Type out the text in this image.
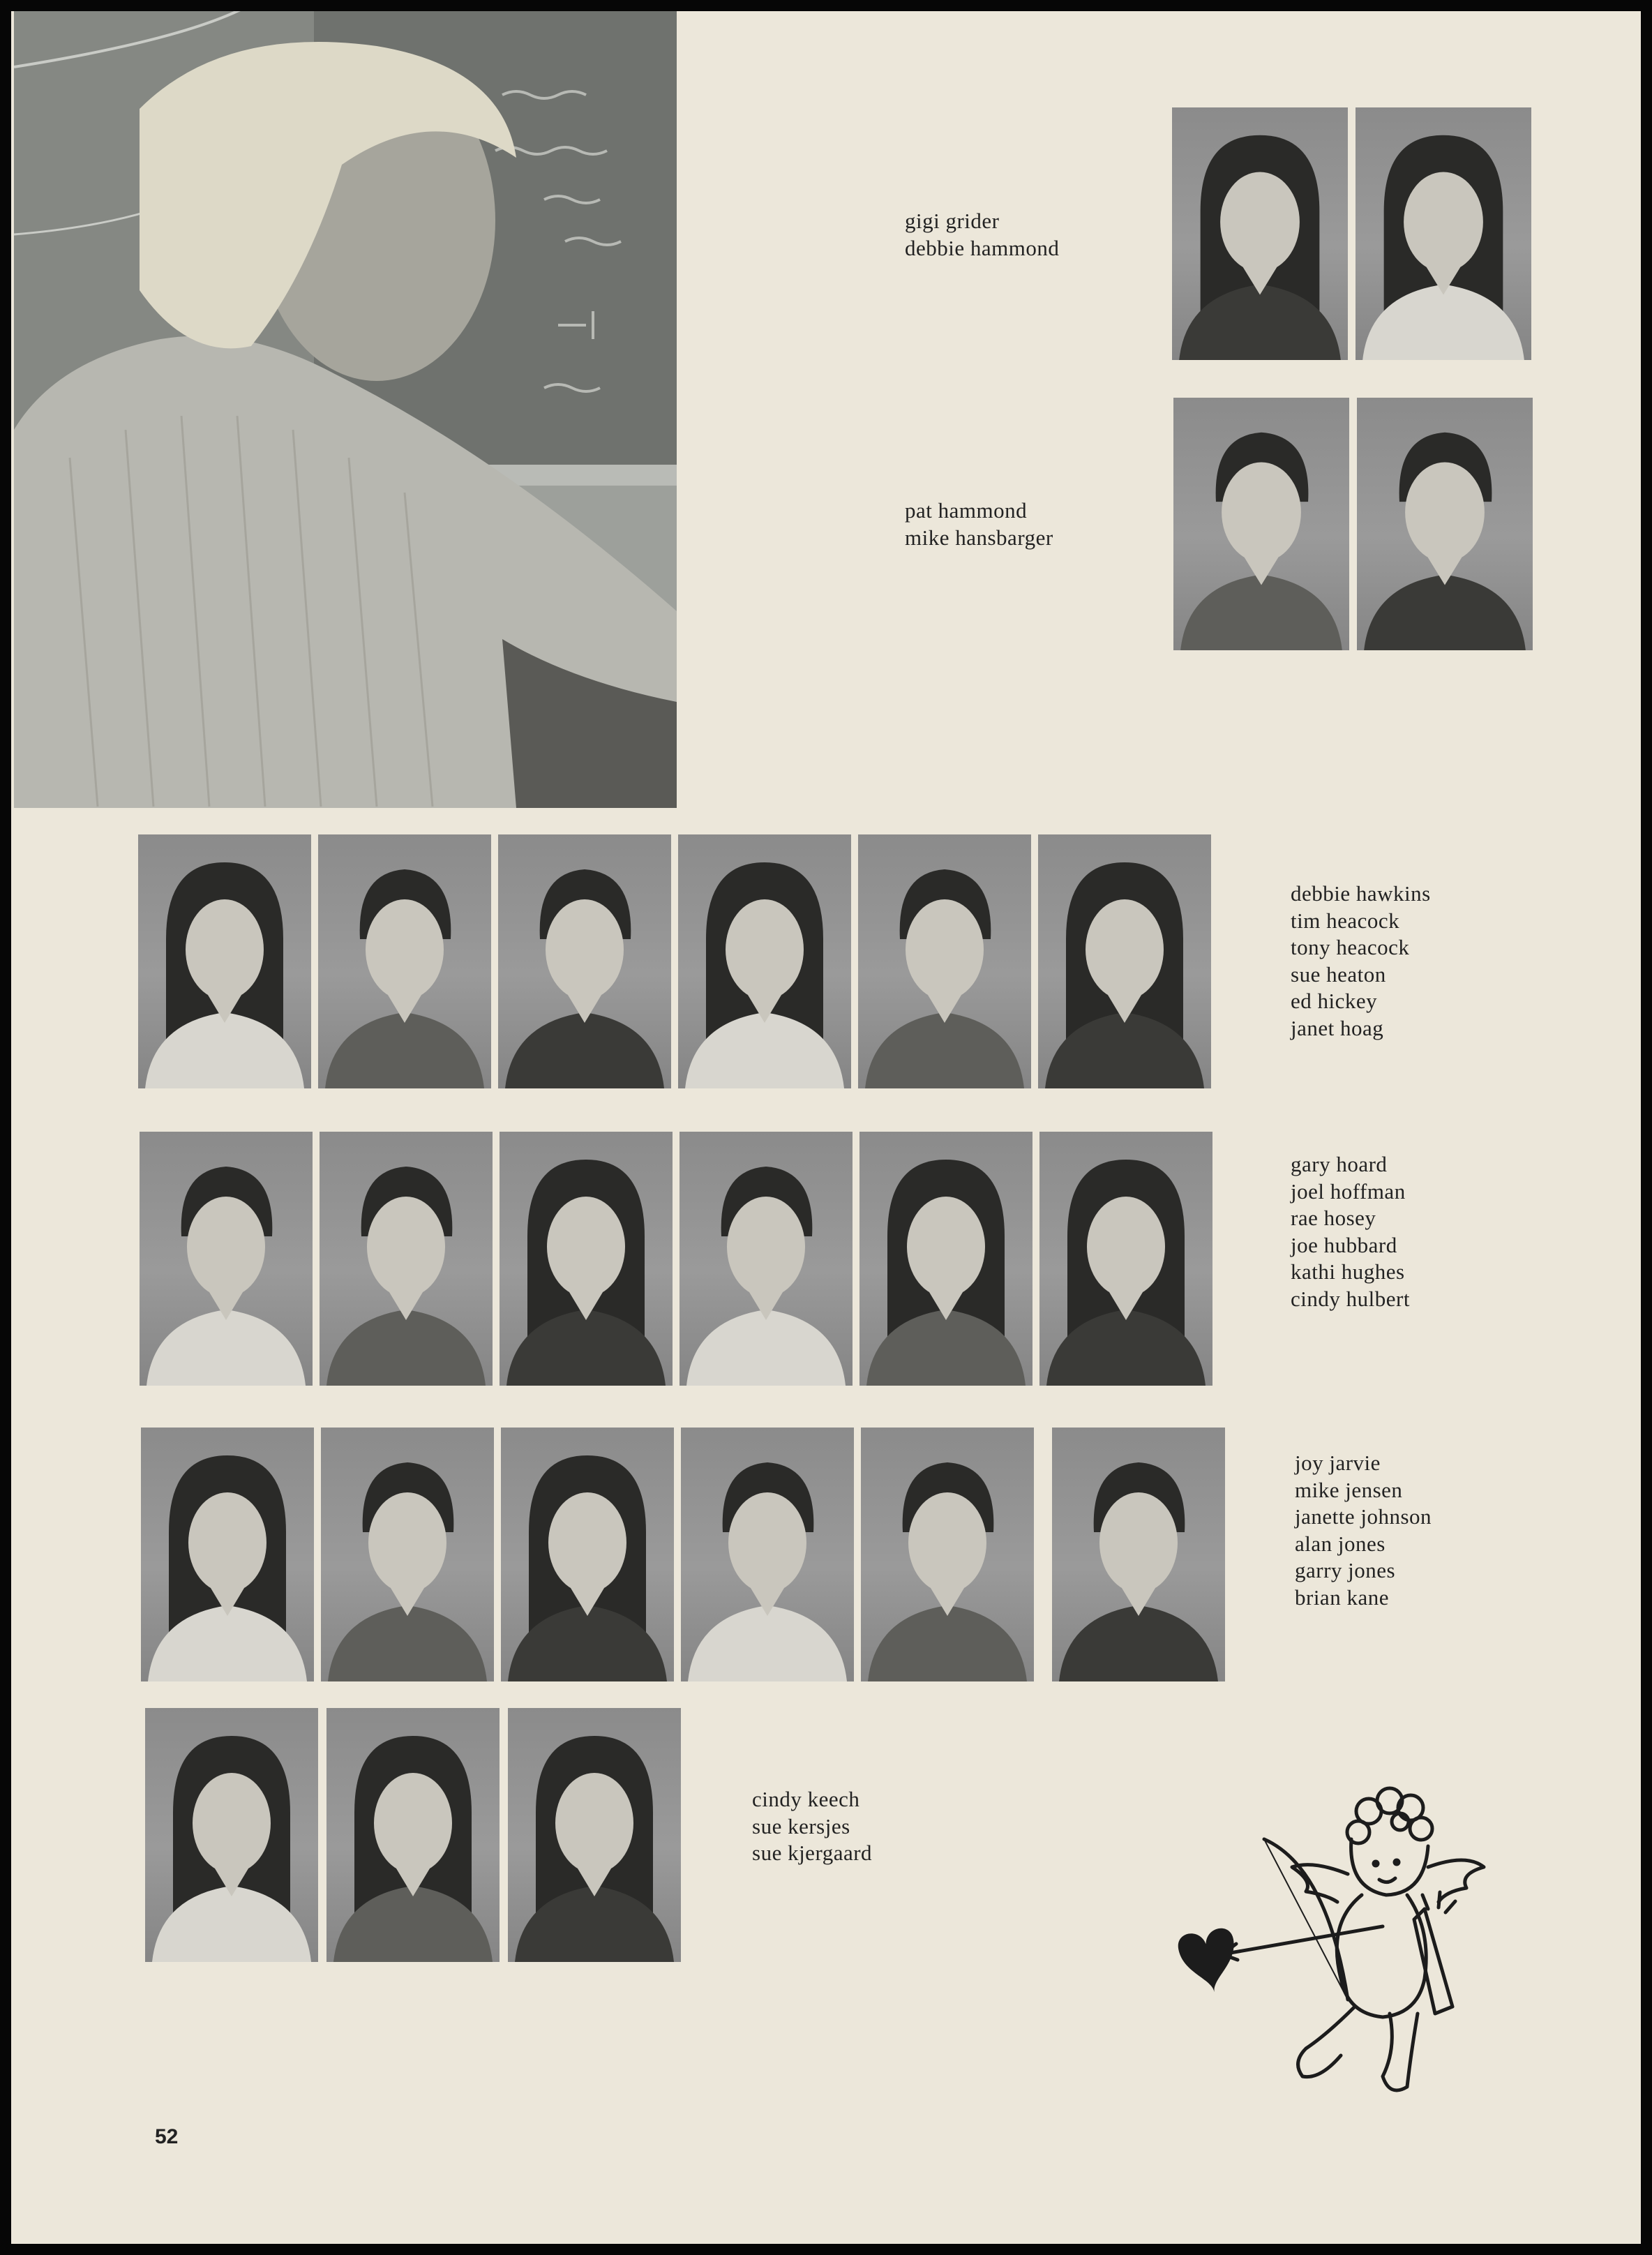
gigi grider
debbie hammond
pat hammond
mike hansbarger
debbie hawkins
tim heacock
tony heacock
sue heaton
ed hickey
janet hoag
gary hoard
joel hoffman
rae hosey
joe hubbard
kathi hughes
cindy hulbert
joy jarvie
mike jensen
janette johnson
alan jones
garry jones
brian kane
cindy keech
sue kersjes
sue kjergaard
52
